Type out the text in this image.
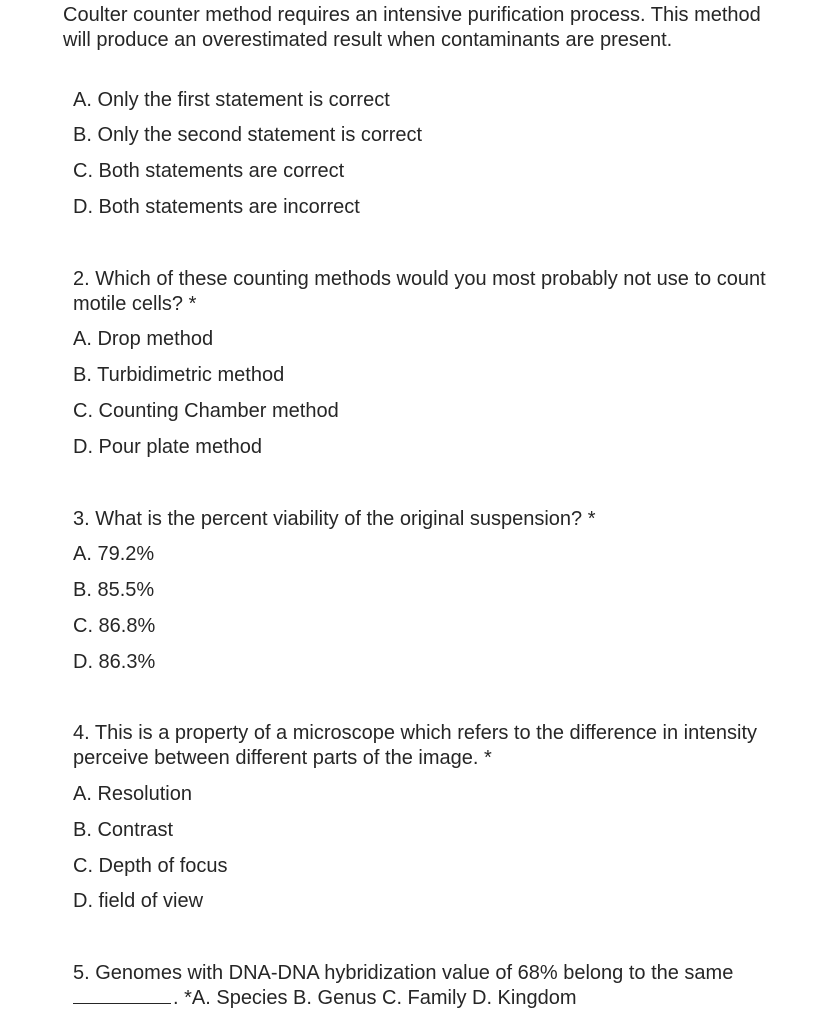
Coulter counter method requires an intensive purification process. This method will produce an overestimated result when contaminants are present.
A. Only the first statement is correct
B. Only the second statement is correct
C. Both statements are correct
D. Both statements are incorrect
2. Which of these counting methods would you most probably not use to count motile cells? *
A. Drop method
B. Turbidimetric method
C. Counting Chamber method
D. Pour plate method
3. What is the percent viability of the original suspension? *
A. 79.2%
B. 85.5%
C. 86.8%
D. 86.3%
4. This is a property of a microscope which refers to the difference in intensity perceive between different parts of the image. *
A. Resolution
B. Contrast
C. Depth of focus
D. field of view
5. Genomes with DNA-DNA hybridization value of 68% belong to the same
. *A. Species B. Genus C. Family D. Kingdom
